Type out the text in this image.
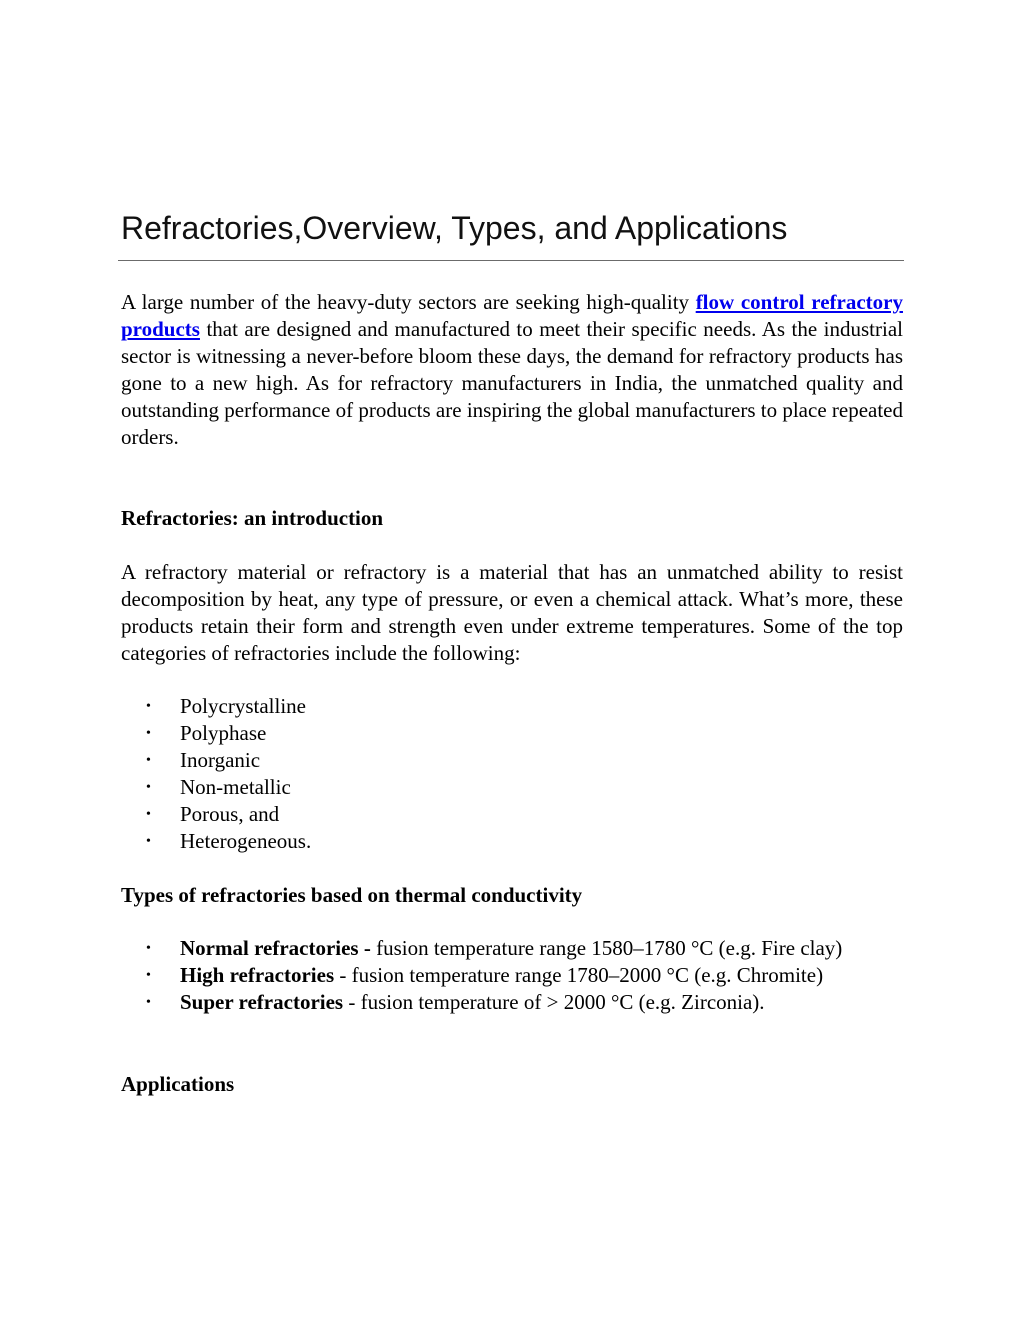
Refractories,Overview, Types, and Applications

A large number of the heavy-duty sectors are seeking high-quality flow control refractory products that are designed and manufactured to meet their specific needs. As the industrial sector is witnessing a never-before bloom these days, the demand for refractory products has gone to a new high. As for refractory manufacturers in India, the unmatched quality and outstanding performance of products are inspiring the global manufacturers to place repeated orders.

Refractories: an introduction

A refractory material or refractory is a material that has an unmatched ability to resist decomposition by heat, any type of pressure, or even a chemical attack. What’s more, these products retain their form and strength even under extreme temperatures. Some of the top categories of refractories include the following:

• Polycrystalline
• Polyphase
• Inorganic
• Non-metallic
• Porous, and
• Heterogeneous.
Types of refractories based on thermal conductivity
• Normal refractories - fusion temperature range 1580–1780 °C (e.g. Fire clay)
• High refractories - fusion temperature range 1780–2000 °C (e.g. Chromite)
• Super refractories - fusion temperature of > 2000 °C (e.g. Zirconia).
Applications
